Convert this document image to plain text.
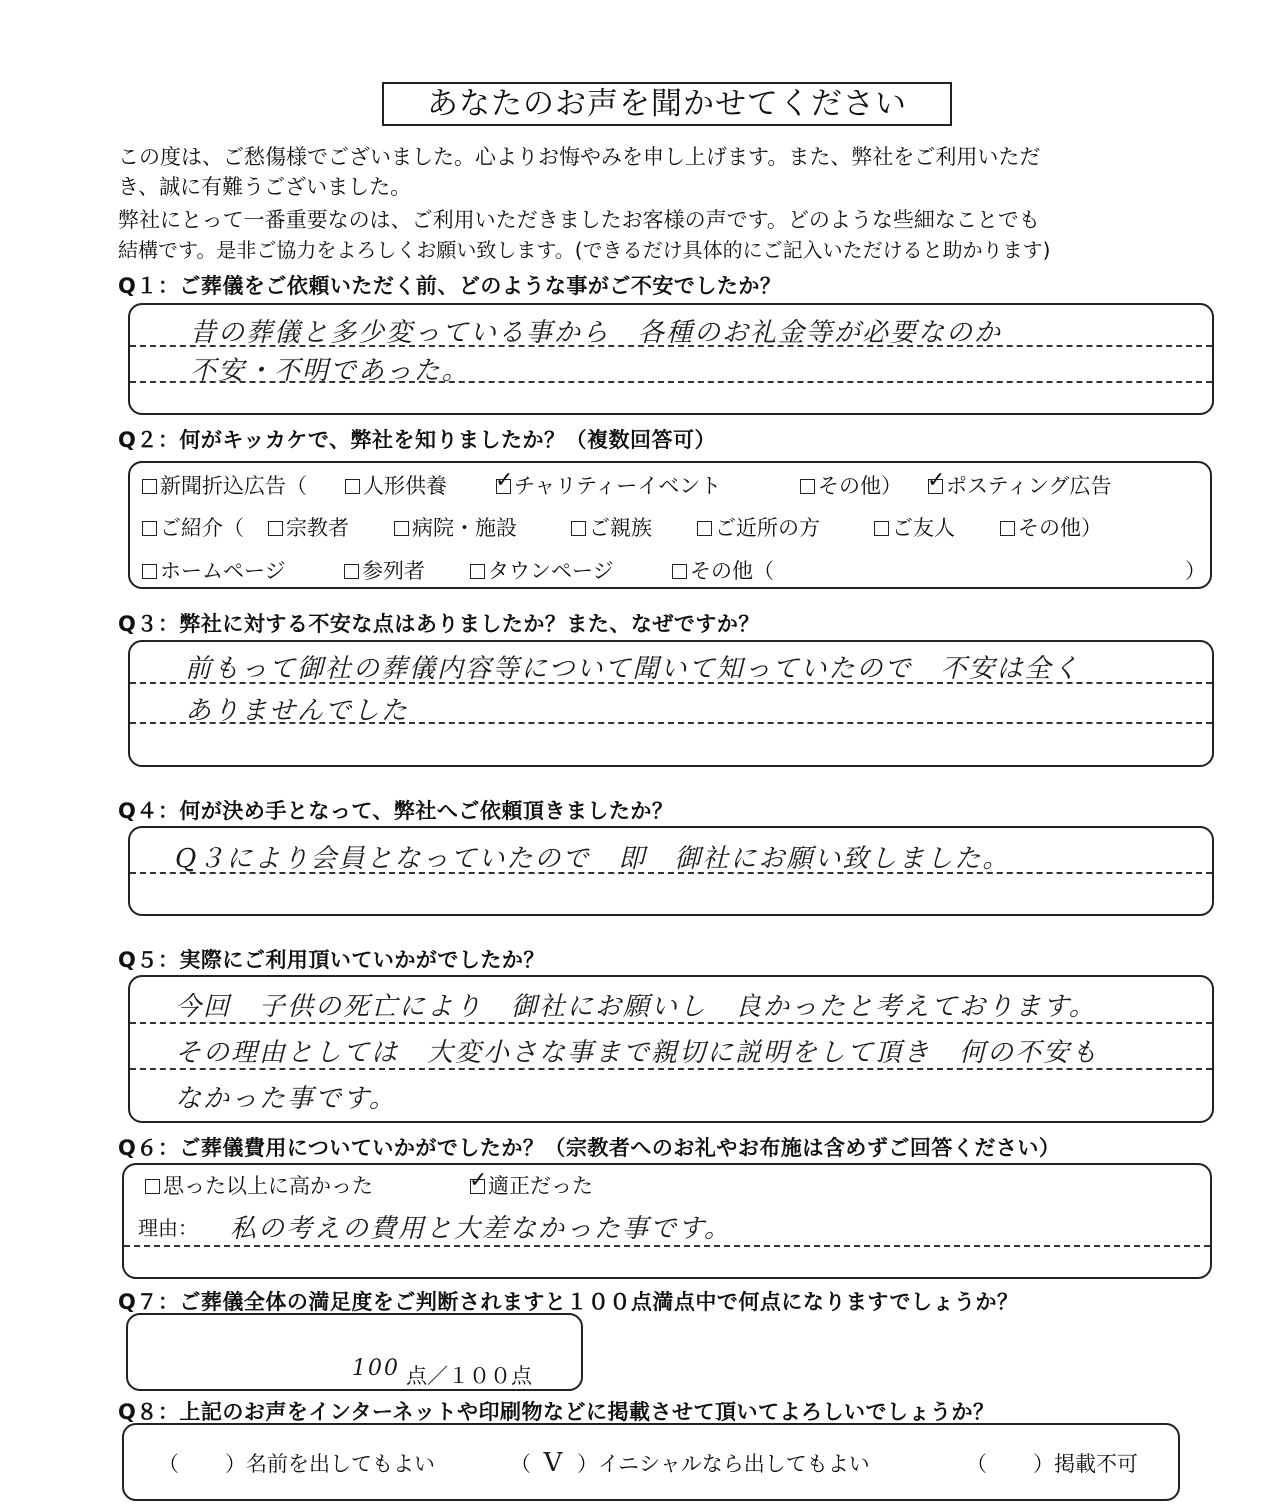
あなたのお声を聞かせてください
この度は、ご愁傷様でございました。心よりお悔やみを申し上げます。また、弊社をご利用いただ
き、誠に有難うございました。
弊社にとって一番重要なのは、ご利用いただきましたお客様の声です。どのような些細なことでも
結構です。是非ご協力をよろしくお願い致します。(できるだけ具体的にご記入いただけると助かります)
Q１：ご葬儀をご依頼いただく前、どのような事がご不安でしたか？
昔の葬儀と多少変っている事から　各種のお礼金等が必要なのか
不安・不明であった。
Q２：何がキッカケで、弊社を知りましたか？（複数回答可）
新聞折込広告（	人形供養 ✓	チャリティーイベント	その他） ✓	ポスティング広告
ご紹介（	宗教者	病院・施設	ご親族	ご近所の方	ご友人	その他）
ホームページ	参列者	タウンページ	その他（	）
Q３：弊社に対する不安な点はありましたか？また、なぜですか？
前もって御社の葬儀内容等について聞いて知っていたので　不安は全く
ありませんでした
Q４：何が決め手となって、弊社へご依頼頂きましたか？
Q３により会員となっていたので　即　御社にお願い致しました。
Q５：実際にご利用頂いていかがでしたか？
今回　子供の死亡により　御社にお願いし　良かったと考えております。
その理由としては　大変小さな事まで親切に説明をして頂き　何の不安も
なかった事です。
Q６：ご葬儀費用についていかがでしたか？（宗教者へのお礼やお布施は含めずご回答ください）
思った以上に高かった ✓	適正だった
理由： 私の考えの費用と大差なかった事です。
Q７：ご葬儀全体の満足度をご判断されますと１００点満点中で何点になりますでしょうか？
100 点／１００点
Q８：上記のお声をインターネットや印刷物などに掲載させて頂いてよろしいでしょうか？
（ ）名前を出してもよい	（ V ）イニシャルなら出してもよい	（ ）掲載不可
